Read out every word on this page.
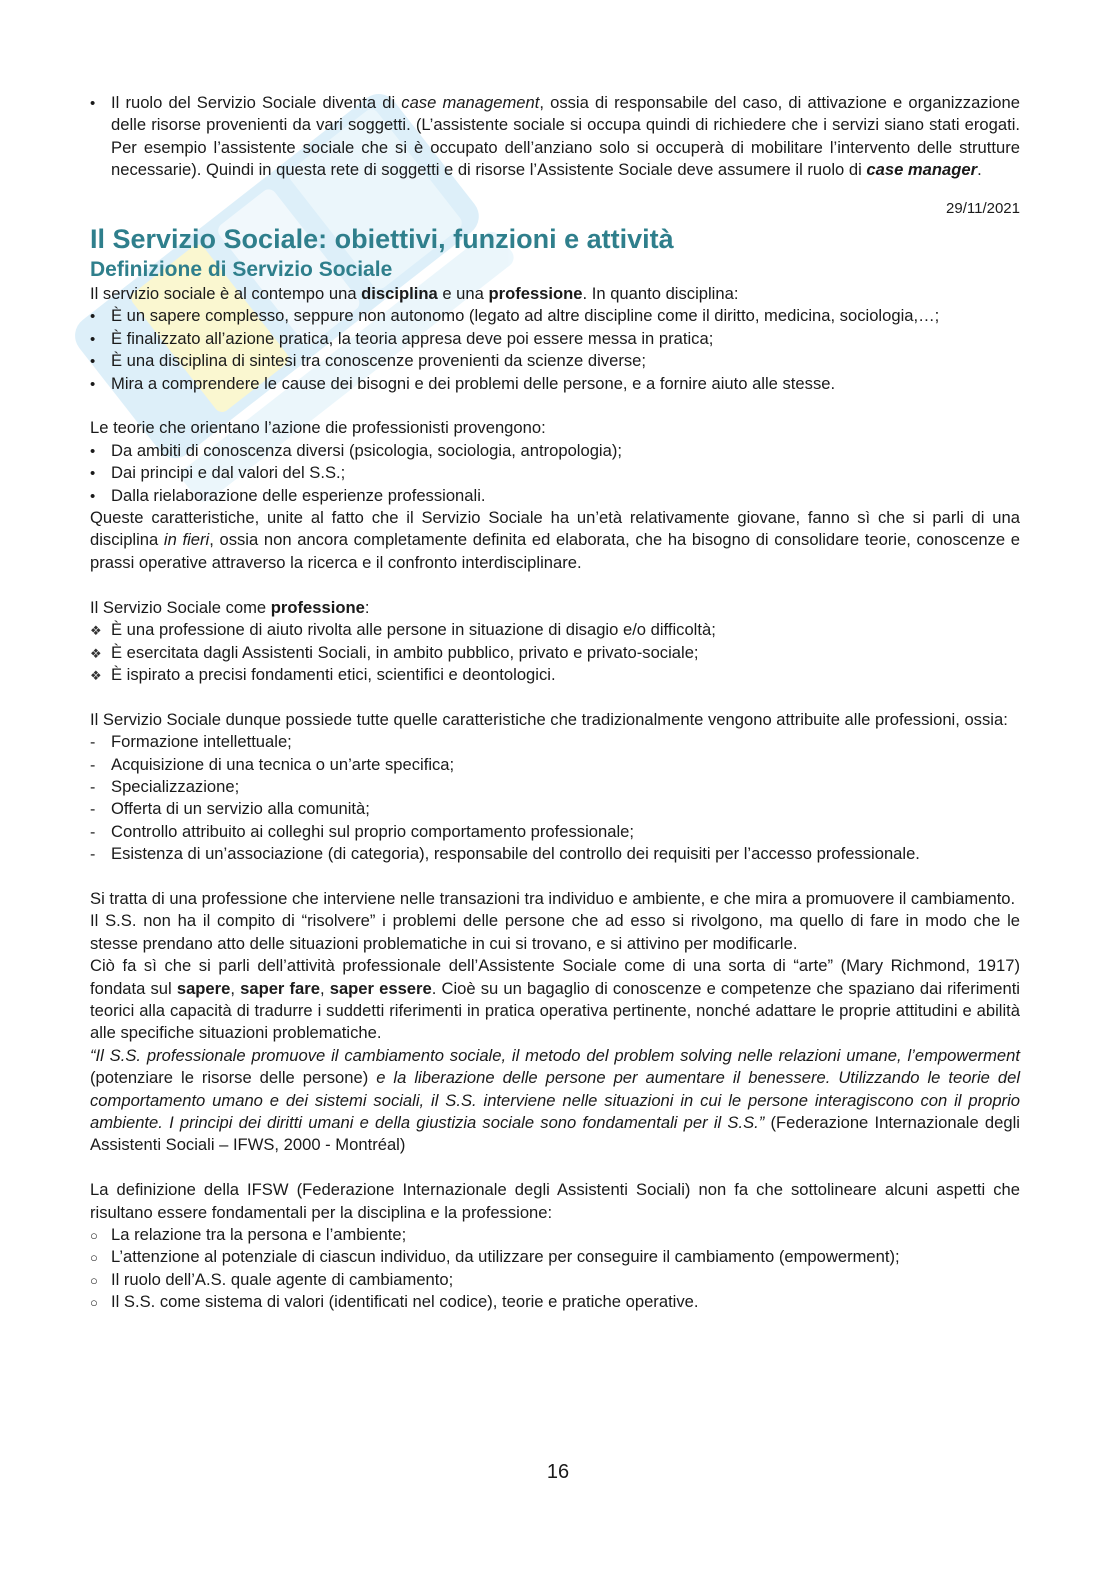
•
Il ruolo del Servizio Sociale diventa di case management, ossia di responsabile del caso, di attivazione e organizzazione delle risorse provenienti da vari soggetti. (L’assistente sociale si occupa quindi di richiedere che i servizi siano stati erogati. Per esempio l’assistente sociale che si è occupato dell’anziano solo si occuperà di mobilitare l’intervento delle strutture necessarie). Quindi in questa rete di soggetti e di risorse l’Assistente Sociale deve assumere il ruolo di case manager.
29/11/2021
Il Servizio Sociale: obiettivi, funzioni e attività
Definizione di Servizio Sociale

Il servizio sociale è al contempo una disciplina e una professione. In quanto disciplina:

•
È un sapere complesso, seppure non autonomo (legato ad altre discipline come il diritto, medicina, sociologia,…;
•
È finalizzato all’azione pratica, la teoria appresa deve poi essere messa in pratica;
•
È una disciplina di sintesi tra conoscenze provenienti da scienze diverse;
•
Mira a comprendere le cause dei bisogni e dei problemi delle persone, e a fornire aiuto alle stesse.

Le teorie che orientano l’azione die professionisti provengono:

•
Da ambiti di conoscenza diversi (psicologia, sociologia, antropologia);
•
Dai principi e dal valori del S.S.;
•
Dalla rielaborazione delle esperienze professionali.

Queste caratteristiche, unite al fatto che il Servizio Sociale ha un’età relativamente giovane, fanno sì che si parli di una disciplina in fieri, ossia non ancora completamente definita ed elaborata, che ha bisogno di consolidare teorie, conoscenze e prassi operative attraverso la ricerca e il confronto interdisciplinare.

Il Servizio Sociale come professione:

❖
È una professione di aiuto rivolta alle persone in situazione di disagio e/o difficoltà;
❖
È esercitata dagli Assistenti Sociali, in ambito pubblico, privato e privato-sociale;
❖
È ispirato a precisi fondamenti etici, scientifici e deontologici.

Il Servizio Sociale dunque possiede tutte quelle caratteristiche che tradizionalmente vengono attribuite alle professioni, ossia:

‐
Formazione intellettuale;
‐
Acquisizione di una tecnica o un’arte specifica;
‐
Specializzazione;
‐
Offerta di un servizio alla comunità;
‐
Controllo attribuito ai colleghi sul proprio comportamento professionale;
‐
Esistenza di un’associazione (di categoria), responsabile del controllo dei requisiti per l’accesso professionale.

Si tratta di una professione che interviene nelle transazioni tra individuo e ambiente, e che mira a promuovere il cambiamento.

Il S.S. non ha il compito di “risolvere” i problemi delle persone che ad esso si rivolgono, ma quello di fare in modo che le stesse prendano atto delle situazioni problematiche in cui si trovano, e si attivino per modificarle.

Ciò fa sì che si parli dell’attività professionale dell’Assistente Sociale come di una sorta di “arte” (Mary Richmond, 1917) fondata sul sapere, saper fare, saper essere. Cioè su un bagaglio di conoscenze e competenze che spaziano dai riferimenti teorici alla capacità di tradurre i suddetti riferimenti in pratica operativa pertinente, nonché adattare le proprie attitudini e abilità alle specifiche situazioni problematiche.

“Il S.S. professionale promuove il cambiamento sociale, il metodo del problem solving nelle relazioni umane, l’empowerment (potenziare le risorse delle persone) e la liberazione delle persone per aumentare il benessere. Utilizzando le teorie del comportamento umano e dei sistemi sociali, il S.S. interviene nelle situazioni in cui le persone interagiscono con il proprio ambiente. I principi dei diritti umani e della giustizia sociale sono fondamentali per il S.S.” (Federazione Internazionale degli Assistenti Sociali – IFWS, 2000 - Montréal)

La definizione della IFSW (Federazione Internazionale degli Assistenti Sociali) non fa che sottolineare alcuni aspetti che risultano essere fondamentali per la disciplina e la professione:

○
La relazione tra la persona e l’ambiente;
○
L’attenzione al potenziale di ciascun individuo, da utilizzare per conseguire il cambiamento (empowerment);
○
Il ruolo dell’A.S. quale agente di cambiamento;
○
Il S.S. come sistema di valori (identificati nel codice), teorie e pratiche operative.
16
